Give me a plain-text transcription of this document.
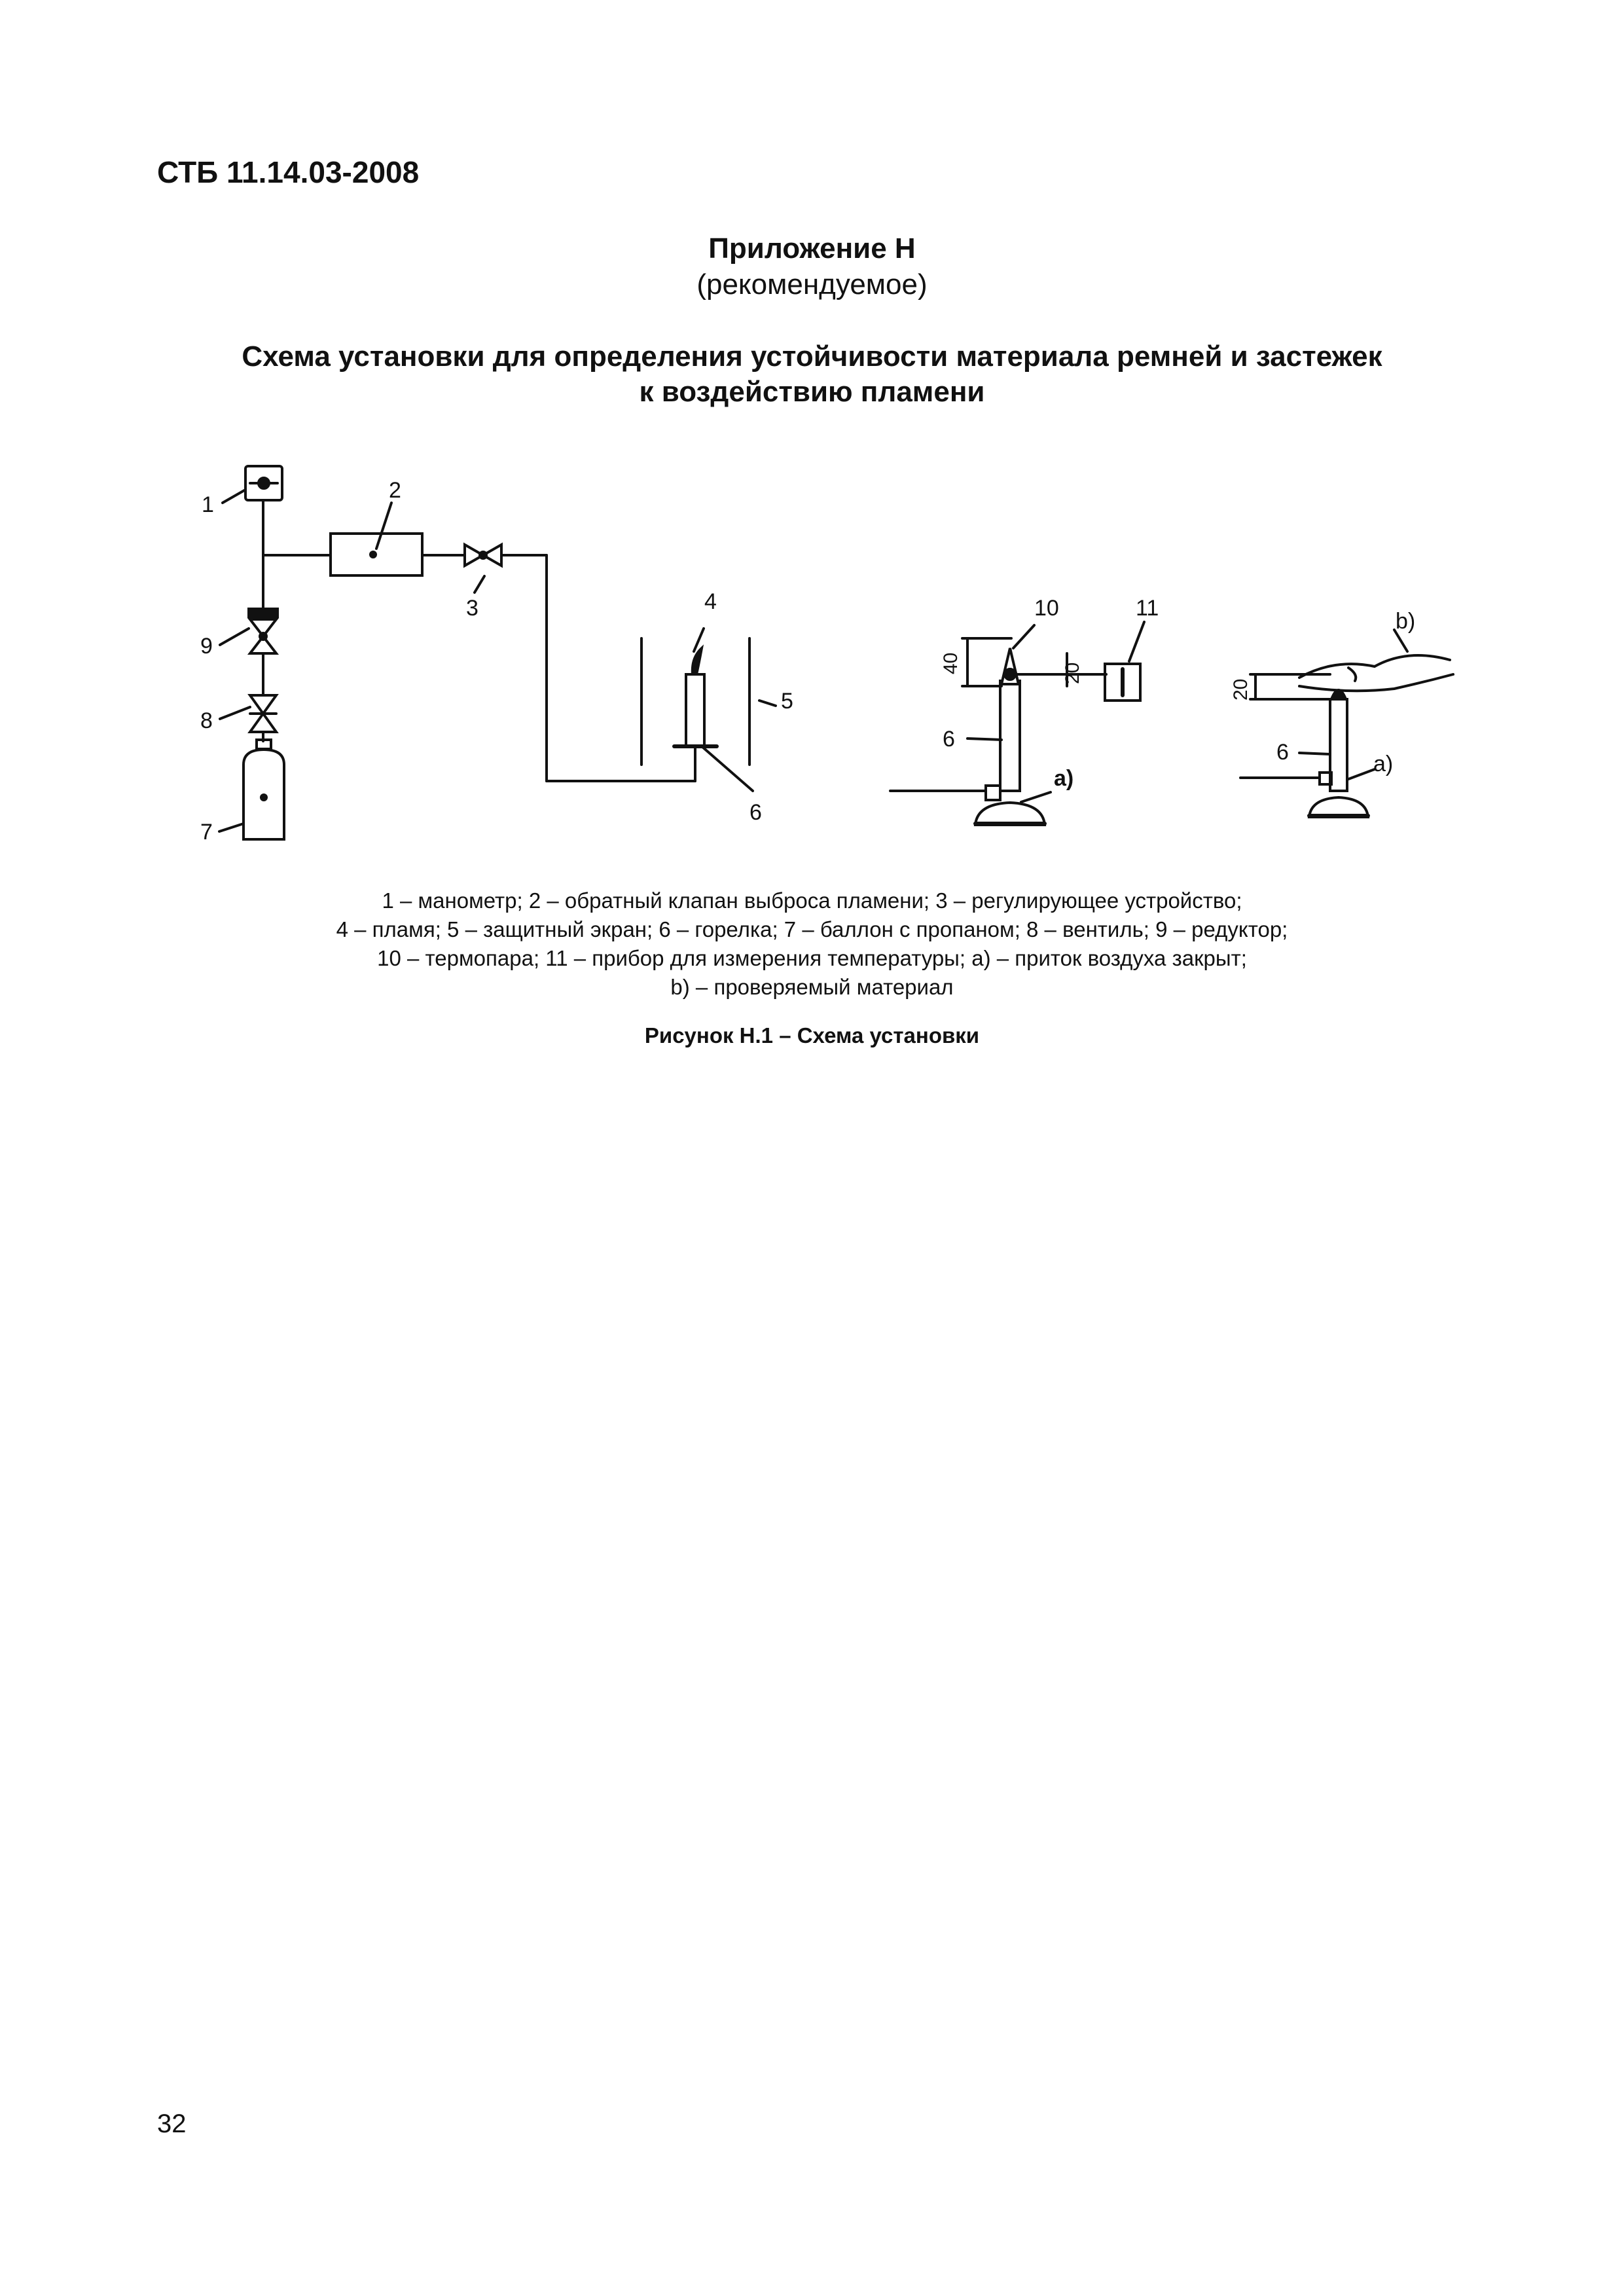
СТБ 11.14.03-2008
Приложение Н
(рекомендуемое)
Схема установки для определения устойчивости материала ремней и застежек
к воздействию пламени
1
2
3	4
5
6
9
8
7
10	11
6
a)
6	a)
b)
40	20
20
1 – манометр; 2 – обратный клапан выброса пламени; 3 – регулирующее устройство;
4 – пламя; 5 – защитный экран; 6 – горелка; 7 – баллон с пропаном; 8 – вентиль; 9 – редуктор;
10 – термопара; 11 – прибор для измерения температуры; а) – приток воздуха закрыт;
b) – проверяемый материал
Рисунок Н.1 – Схема установки
32
